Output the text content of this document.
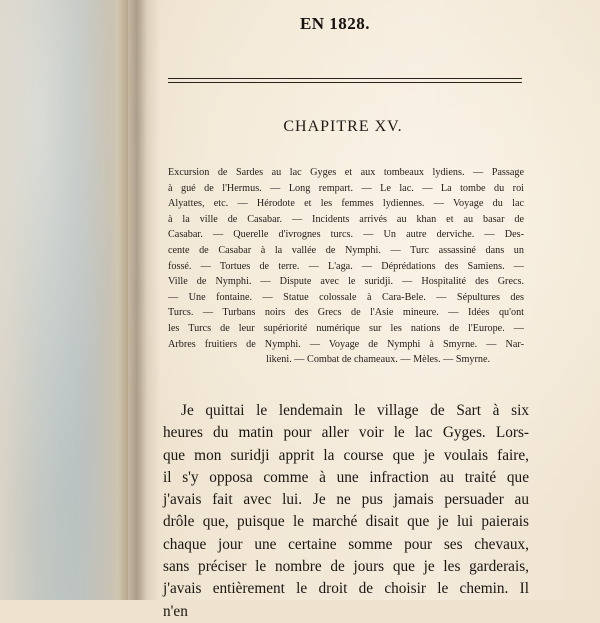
EN 1828.
CHAPITRE XV.
Excursion de Sardes au lac Gyges et aux tombeaux lydiens. — Passage
à gué de l'Hermus. — Long rempart. — Le lac. — La tombe du roi
Alyattes, etc. — Hérodote et les femmes lydiennes. — Voyage du lac
à la ville de Casabar. — Incidents arrivés au khan et au basar de
Casabar. — Querelle d'ivrognes turcs. — Un autre derviche. — Des-
cente de Casabar à la vallée de Nymphi. — Turc assassiné dans un
fossé. — Tortues de terre. — L'aga. — Déprédations des Samiens. —
Ville de Nymphi. — Dispute avec le suridji. — Hospitalité des Grecs.
— Une fontaine. — Statue colossale à Cara-Bele. — Sépultures des
Turcs. — Turbans noirs des Grecs de l'Asie mineure. — Idées qu'ont
les Turcs de leur supériorité numérique sur les nations de l'Europe. —
Arbres fruitiers de Nymphi. — Voyage de Nymphi à Smyrne. — Nar-
likeni. — Combat de chameaux. — Mèles. — Smyrne.
Je quittai le lendemain le village de Sart à six
heures du matin pour aller voir le lac Gyges. Lors-
que mon suridji apprit la course que je voulais faire,
il s'y opposa comme à une infraction au traité que
j'avais fait avec lui. Je ne pus jamais persuader au
drôle que, puisque le marché disait que je lui paierais
chaque jour une certaine somme pour ses chevaux,
sans préciser le nombre de jours que je les garderais,
j'avais entièrement le droit de choisir le chemin. Il
n'en
